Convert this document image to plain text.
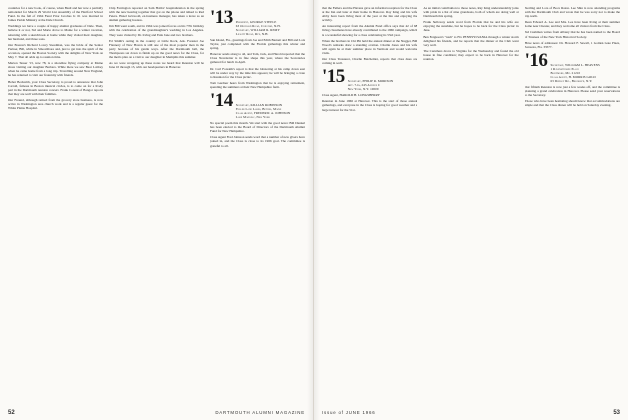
countries for a new book, of course, when Basil and her now a partially remodeled for March 29 World List Assembly of the Hartford School Fund. In the fall of 1964 Fund Prior Jacobus Jr. 61 was married in James Parish Ministry at the Dale Church.

Weddings we have a couple of happy alumni graduates of Dale. Then, believe it or not, Sid and Marie drove to Maine for a winter vacation, returning with a sketchbook at home while they visited their daughter, her husband, and three sons.

Our Boston's Richard Lowry Steadman, was the bride of the Senior Partner, Bill, while in Smoothbore and, just to get into the spirit of the occasion, opened the Boston Society with the delights of New York on May 7. That all adds up to reunion time.

Marion Tesser '13, now 78, is a shoreline flying company at Maine shore visiting our daughter Barbara. While there we saw Bear Lobbey when he came home from a long trip. Travelling around New England, he has returned to visit our fraternity with friends.

Heber Beckwith, your Class Secretary, is proud to announce that John Carroll, famous in Boston musical circles, is to come on for a lively part in the Dartmouth reunion concert. Frank Conant of Bangor reports that they are well with their families.

Our Freund, although retired from the grocery store business, is now active in Washington area church work and is a regular guest for the White Plains Hospital.

Chip Farrington reported on Sam Hobbs' hospitalization in the spring with the new hearing together that got on the phone and talked to Red Peters. Hazel Griswold, ex-business manager, has taken a leave as an alumni gathering hostess.

Jim Bill went south, and in 1964 was joined forces on his 77th birthday with the celebration of the granddaughter's wedding in Los Angeles. They were visited by Dr. Irving and Eula Jane and two brothers.

Ed Smith's outing in the country at Little Rock, Ark. Forester Joe Flannery of New Haven is still one of the most popular men in the party because of his gentle ways. After the Dartmouth ball, the Thompsons sat down to finish up on the good news for the Class, for the men's plan on a visit to our daughter in Memphis this summer.

As we were wrapping up these notes we heard that Reunion will be June 10 through 13, with our headquarters in Hanover.

'13 President, GEORGE STEELE
63 Orchard Road, Concord, N.H.
Secretary, WILLIAM R. REMY
Leavitt Road, Rye, N.H.

Sun Island, Fla., greetings from Joe and Edith Barnett and Bill and Lois Taylor, just completed with the Florida gatherings this winter and spring.

Hanover sends along to all, and Tom, Jack, and Harold reported that the Class Newsletter is in fine shape this year, where the Secretaries gathered for lunch in April.

Dr. Carl Forsaith's report is that the lobstering at his camp down east will be under way by the time this appears; he will be bringing a crate to Reunion for the Class picnic.

Tom Gardner hears from Washington that he is enjoying retirement, spending the summers at their New Hampshire farm.

'14 Secretary, KILLIAN ROBINSON
Fuller Lane Lakes, Bethel, Maine
Class Agent, FREDERIC A. JOHNSON
Lake Mahopac, New York

No special poem this month. We start with the good news: Bill Dunkel has been elected to the Board of Directors of the Dartmouth Alumni Fund for New Hampshire.

Class Agent Fred Johnson sends word that a number of new givers have joined in, and the Class is close to its 1966 goal. The committee is grateful to all.

52	DARTMOUTH ALUMNI MAGAZINE

that the Fullers and the Havens gave an informal reception for the Class at the Inn and later at their home in Hanover. Ray King and his wife Abby have been living most of the year at the Inn and enjoying the activity.

An interesting report from the Alumni Fund office says that 42 of 68 living classmates have already contributed to the 1966 campaign, which is a wonderful showing for a class celebrating its 53rd year.

When the brothers in Chi Phi held the annual dinner at the Nugget, Bill Wood's remarks drew a standing ovation. Charlie Jones and his wife will again be at their summer place in Vermont and would welcome visits.

Our Class Treasurer, Charlie Batchelder, reports that class dues are coming in well.

'15 Secretary, PHILIP R. MORISON
Apt. 7-G, 245 Avenue C
New York, N.Y. 10009

Class Agent, HAROLD H. LONGSBERRY

Reunion in June 1966 at Hanover. This is the start of those annual gatherings, and everyone in the Class is hoping for good weather and a large turnout for the 51st.

As an initial contribution to those notes, Ray King understandably joins with pride in a list of nine grandsons, both of whom are doing well at Dartmouth this spring.

Frank Sulloway sends word from Florida that he and his wife are enjoying the sunshine, but he hopes to be back for the Class picnic in June.

Ben Ferguson's "rush" to Fix PENNSYLVANIA through a winter storm delighted his friends, and he reports that the dinner at the Club went very well.

The Caruthers drove to Virginia for the Wednesday and found the old house in fine condition; they expect to be back in Hanover for the reunion.

Sterling and Lora of Boca Raton. Lee Shin is now attending programs with the Dartmouth Club and wrote that he was sorry not to make the trip north.

Dean Edward A. Lee and Mrs. Lee have been living at their summer home near Chester, and they welcome all visitors from the Class.

Sid Cushman writes from Albany that he has been named to the Board of Trustees of the New York Historical Society.

Have news of addresses: Dr. Howard F. Sewall, 1 Golden Gate Plaza, Sarasota, Fla. 33577.

'16 Secretary, WILLIAM L. HEAVENS
1 Ravensthorpe Place
Baltimore, Md. 21210
Class Agent, H. MORRIS GOLD
63 Dudley Rd., Brooklyn, N.Y.

Our fiftieth Reunion is now just a few weeks off, and the committee is planning a grand celebration in Hanover. Please send your reservations to the Secretary.

Those who have been hesitating should know that accommodations are ample and that the Class dinner will be held on Saturday evening.

Issue of JUNE 1966	53
